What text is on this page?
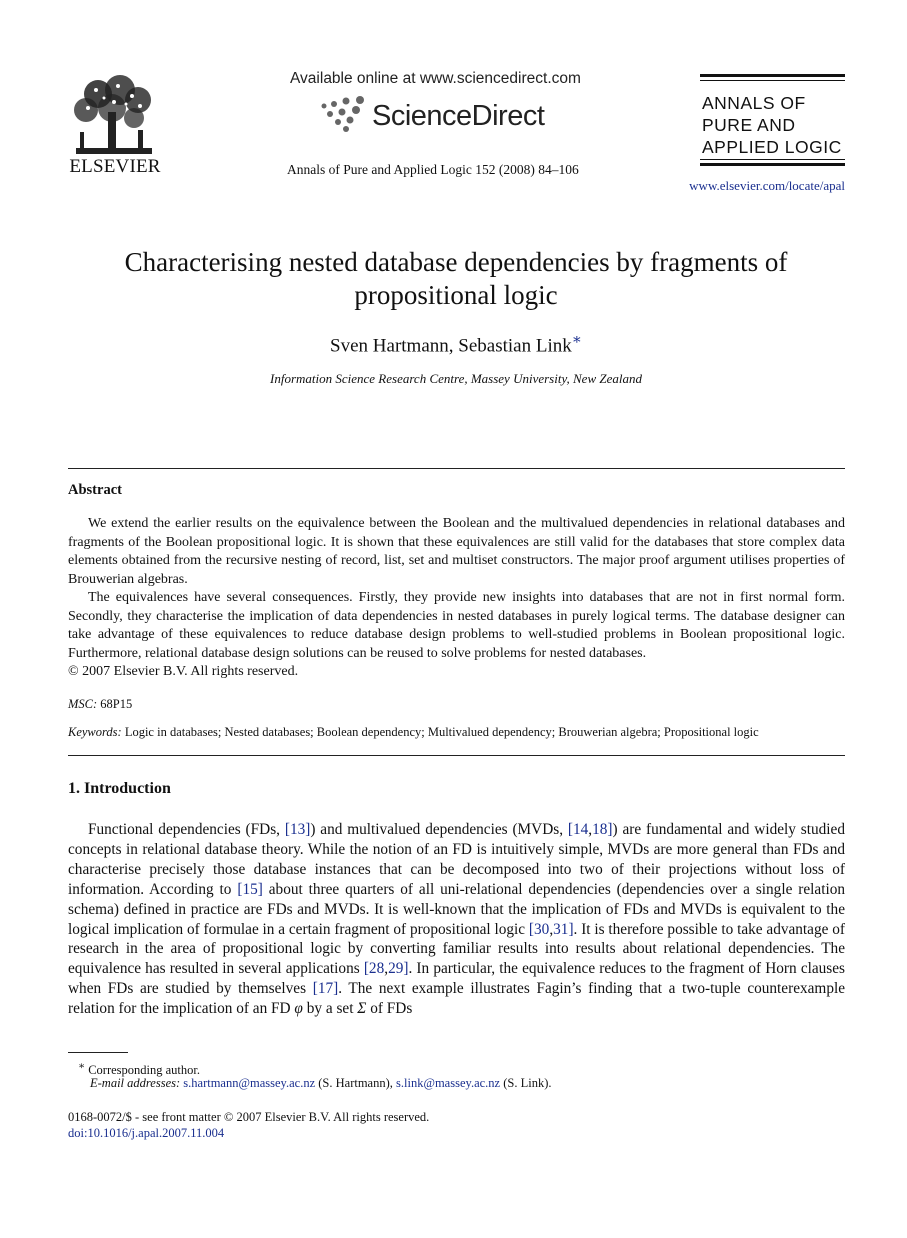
ELSEVIER
Available online at www.sciencedirect.com
ScienceDirect
Annals of Pure and Applied Logic 152 (2008) 84–106
ANNALS OF
PURE AND
APPLIED LOGIC
www.elsevier.com/locate/apal
Characterising nested database dependencies by fragments of
propositional logic
Sven Hartmann, Sebastian Link∗
Information Science Research Centre, Massey University, New Zealand
Abstract

We extend the earlier results on the equivalence between the Boolean and the multivalued dependencies in relational databases and fragments of the Boolean propositional logic. It is shown that these equivalences are still valid for the databases that store complex data elements obtained from the recursive nesting of record, list, set and multiset constructors. The major proof argument utilises properties of Brouwerian algebras.

The equivalences have several consequences. Firstly, they provide new insights into databases that are not in first normal form. Secondly, they characterise the implication of data dependencies in nested databases in purely logical terms. The database designer can take advantage of these equivalences to reduce database design problems to well-studied problems in Boolean propositional logic. Furthermore, relational database design solutions can be reused to solve problems for nested databases.

© 2007 Elsevier B.V. All rights reserved.

MSC: 68P15
Keywords: Logic in databases; Nested databases; Boolean dependency; Multivalued dependency; Brouwerian algebra; Propositional logic
1. Introduction

Functional dependencies (FDs, [13]) and multivalued dependencies (MVDs, [14,18]) are fundamental and widely studied concepts in relational database theory. While the notion of an FD is intuitively simple, MVDs are more general than FDs and characterise precisely those database instances that can be decomposed into two of their projections without loss of information. According to [15] about three quarters of all uni-relational dependencies (dependencies over a single relation schema) defined in practice are FDs and MVDs. It is well-known that the implication of FDs and MVDs is equivalent to the logical implication of formulae in a certain fragment of propositional logic [30,31]. It is therefore possible to take advantage of research in the area of propositional logic by converting familiar results into results about relational dependencies. The equivalence has resulted in several applications [28,29]. In particular, the equivalence reduces to the fragment of Horn clauses when FDs are studied by themselves [17]. The next example illustrates Fagin’s finding that a two-tuple counterexample relation for the implication of an FD φ by a set Σ of FDs

∗ Corresponding author.
E-mail addresses: s.hartmann@massey.ac.nz (S. Hartmann), s.link@massey.ac.nz (S. Link).
0168-0072/$ - see front matter © 2007 Elsevier B.V. All rights reserved.
doi:10.1016/j.apal.2007.11.004
